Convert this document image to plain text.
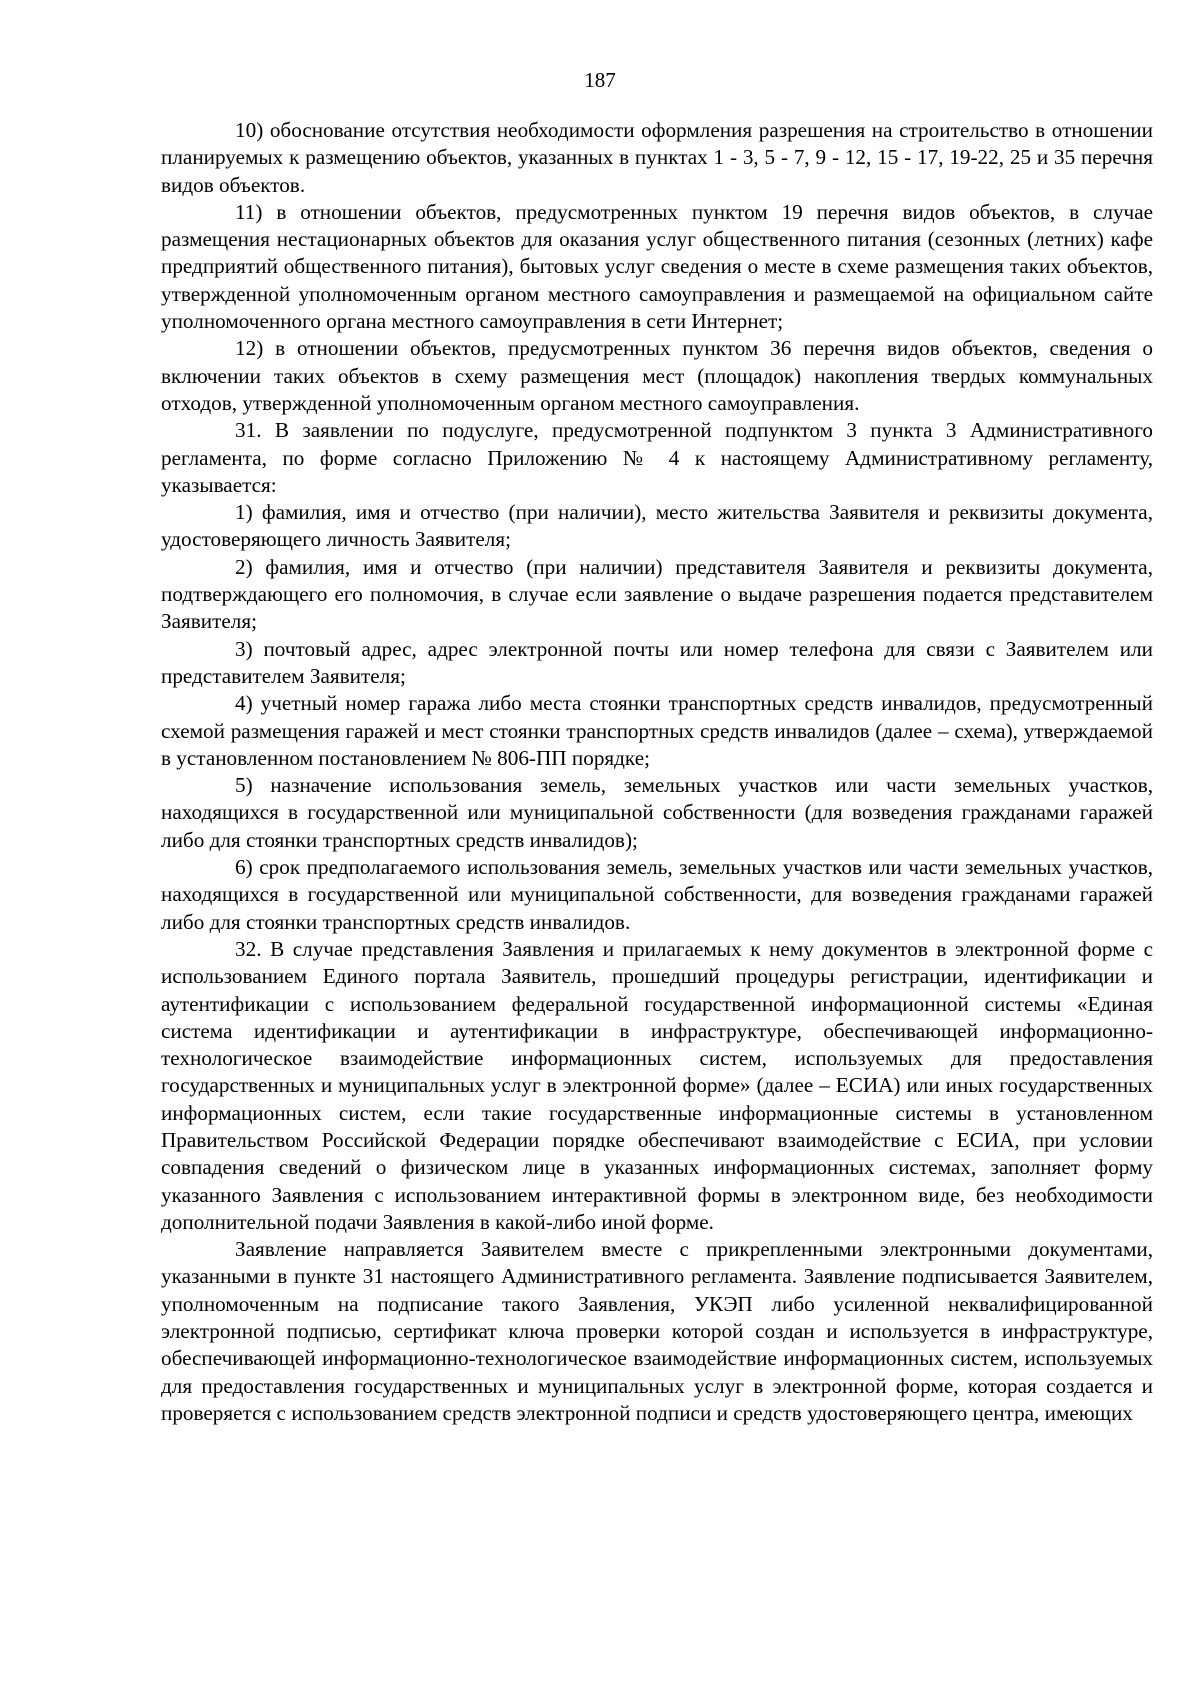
187

10) обоснование отсутствия необходимости оформления разрешения на строительство в отношении планируемых к размещению объектов, указанных в пунктах 1 - 3, 5 - 7, 9 - 12, 15 - 17, 19-22, 25 и 35 перечня видов объектов.

11) в отношении объектов, предусмотренных пунктом 19 перечня видов объектов, в случае размещения нестационарных объектов для оказания услуг общественного питания (сезонных (летних) кафе предприятий общественного питания), бытовых услуг сведения о месте в схеме размещения таких объектов, утвержденной уполномоченным органом местного самоуправления и размещаемой на официальном сайте уполномоченного органа местного самоуправления в сети Интернет;

12) в отношении объектов, предусмотренных пунктом 36 перечня видов объектов, сведения о включении таких объектов в схему размещения мест (площадок) накопления твердых коммунальных отходов, утвержденной уполномоченным органом местного самоуправления.

31. В заявлении по подуслуге, предусмотренной подпунктом 3 пункта 3 Административного регламента, по форме согласно Приложению № 4 к настоящему Административному регламенту, указывается:

1) фамилия, имя и отчество (при наличии), место жительства Заявителя и реквизиты документа, удостоверяющего личность Заявителя;

2) фамилия, имя и отчество (при наличии) представителя Заявителя и реквизиты документа, подтверждающего его полномочия, в случае если заявление о выдаче разрешения подается представителем Заявителя;

3) почтовый адрес, адрес электронной почты или номер телефона для связи с Заявителем или представителем Заявителя;

4) учетный номер гаража либо места стоянки транспортных средств инвалидов, предусмотренный схемой размещения гаражей и мест стоянки транспортных средств инвалидов (далее – схема), утверждаемой в установленном постановлением № 806-ПП порядке;

5) назначение использования земель, земельных участков или части земельных участков, находящихся в государственной или муниципальной собственности (для возведения гражданами гаражей либо для стоянки транспортных средств инвалидов);

6) срок предполагаемого использования земель, земельных участков или части земельных участков, находящихся в государственной или муниципальной собственности, для возведения гражданами гаражей либо для стоянки транспортных средств инвалидов.

32. В случае представления Заявления и прилагаемых к нему документов в электронной форме с использованием Единого портала Заявитель, прошедший процедуры регистрации, идентификации и аутентификации с использованием федеральной государственной информационной системы «Единая система идентификации и аутентификации в инфраструктуре, обеспечивающей информационно-технологическое взаимодействие информационных систем, используемых для предоставления государственных и муниципальных услуг в электронной форме» (далее – ЕСИА) или иных государственных информационных систем, если такие государственные информационные системы в установленном Правительством Российской Федерации порядке обеспечивают взаимодействие с ЕСИА, при условии совпадения сведений о физическом лице в указанных информационных системах, заполняет форму указанного Заявления с использованием интерактивной формы в электронном виде, без необходимости дополнительной подачи Заявления в какой-либо иной форме.

Заявление направляется Заявителем вместе с прикрепленными электронными документами, указанными в пункте 31 настоящего Административного регламента. Заявление подписывается Заявителем, уполномоченным на подписание такого Заявления, УКЭП либо усиленной неквалифицированной электронной подписью, сертификат ключа проверки которой создан и используется в инфраструктуре, обеспечивающей информационно-технологическое взаимодействие информационных систем, используемых для предоставления государственных и муниципальных услуг в электронной форме, которая создается и проверяется с использованием средств электронной подписи и средств удостоверяющего центра, имеющих
